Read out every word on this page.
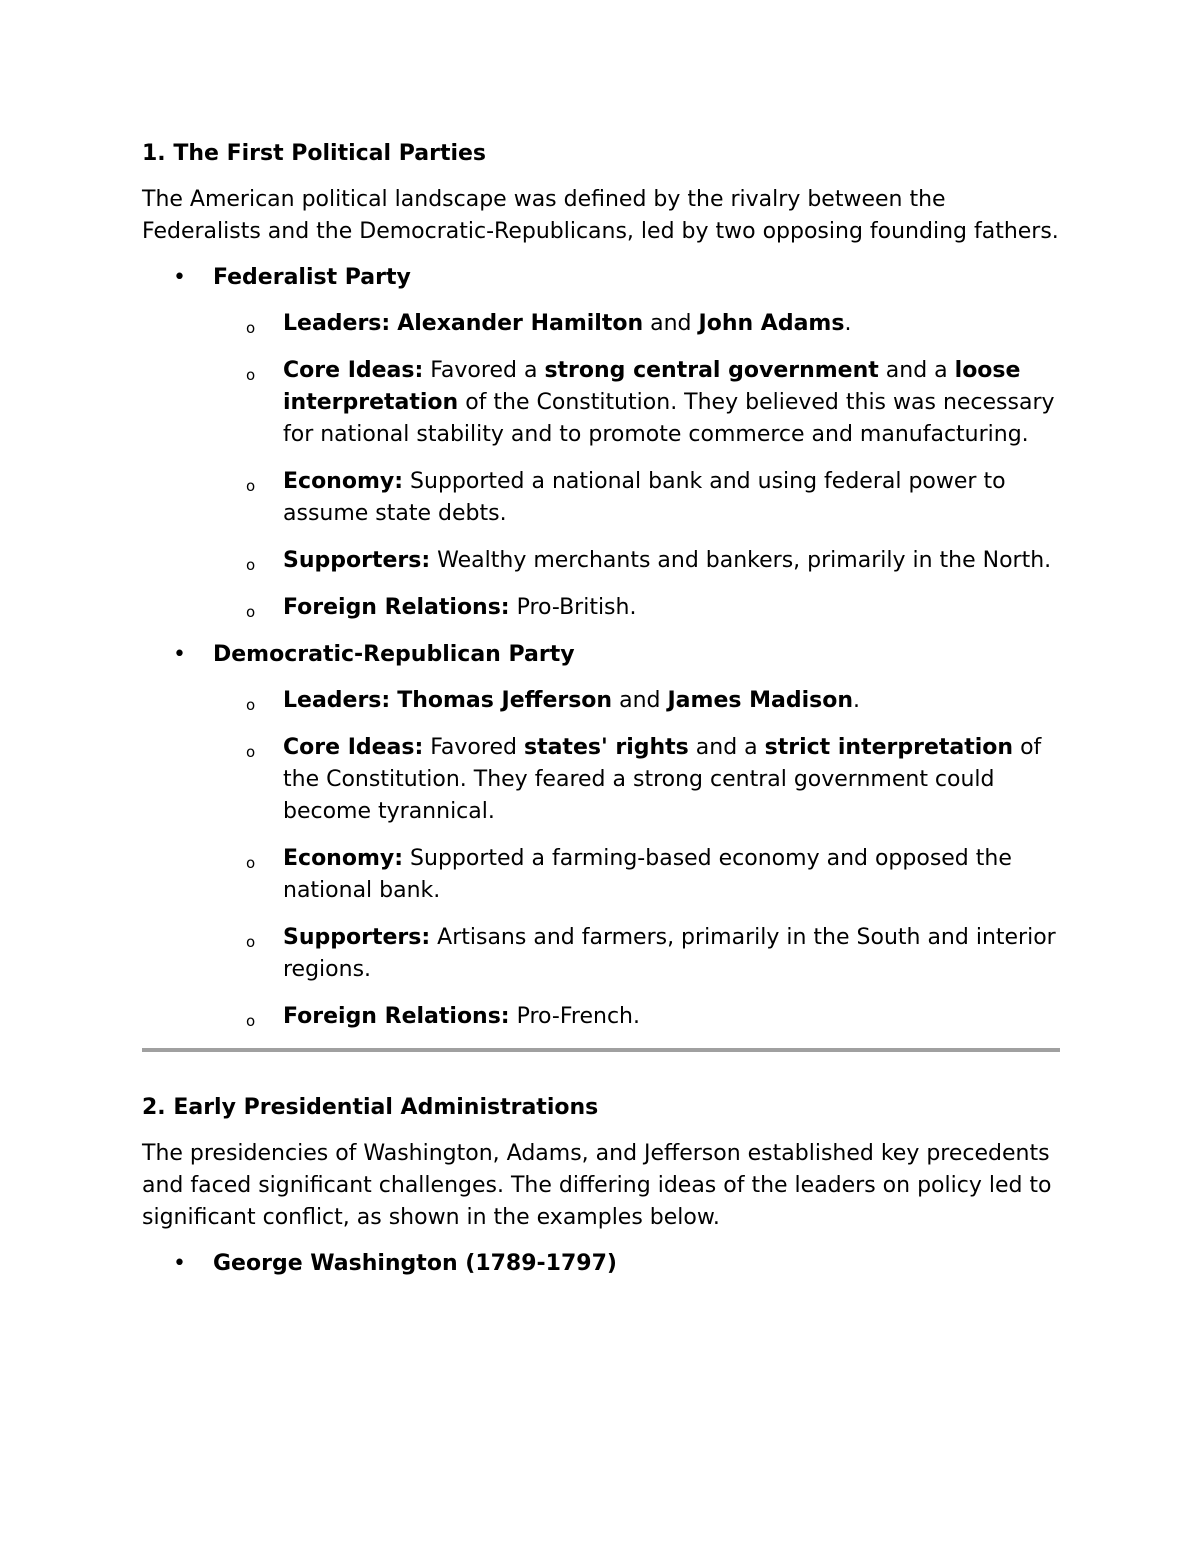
1. The First Political Parties
The American political landscape was defined by the rivalry between the Federalists and the Democratic-Republicans, led by two opposing founding fathers.
• Federalist Party
o Leaders: Alexander Hamilton and John Adams.
o Core Ideas: Favored a strong central government and a loose interpretation of the Constitution. They believed this was necessary for national stability and to promote commerce and manufacturing.
o Economy: Supported a national bank and using federal power to assume state debts.
o Supporters: Wealthy merchants and bankers, primarily in the North.
o Foreign Relations: Pro-British.
• Democratic-Republican Party
o Leaders: Thomas Jefferson and James Madison.
o Core Ideas: Favored states' rights and a strict interpretation of the Constitution. They feared a strong central government could become tyrannical.
o Economy: Supported a farming-based economy and opposed the national bank.
o Supporters: Artisans and farmers, primarily in the South and interior regions.
o Foreign Relations: Pro-French.
2. Early Presidential Administrations
The presidencies of Washington, Adams, and Jefferson established key precedents and faced significant challenges. The differing ideas of the leaders on policy led to significant conflict, as shown in the examples below.
• George Washington (1789-1797)
